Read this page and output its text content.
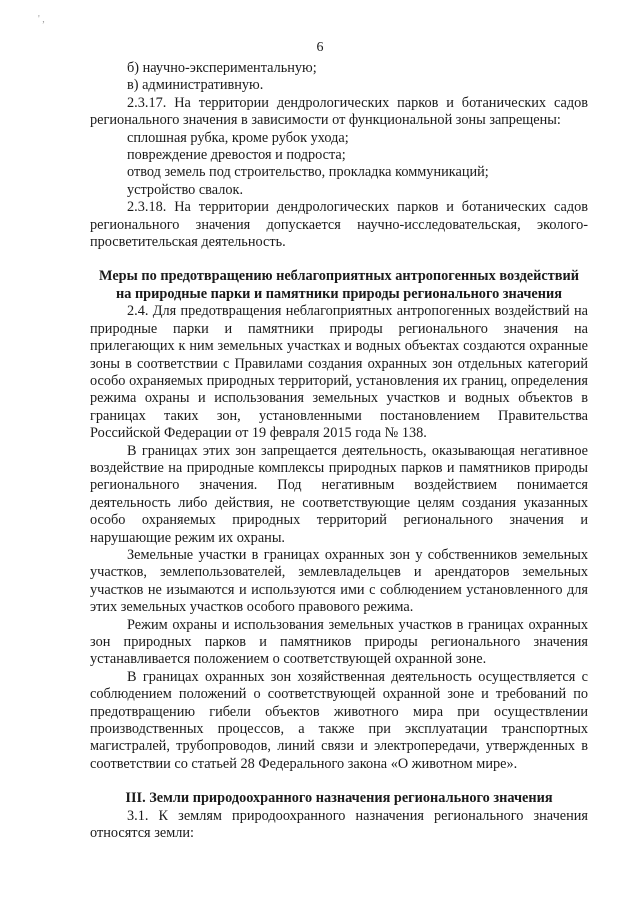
' ,
6

б) научно-экспериментальную;

в) административную.

2.3.17. На территории дендрологических парков и ботанических садов регионального значения в зависимости от функциональной зоны запрещены:

сплошная рубка, кроме рубок ухода;

повреждение древостоя и подроста;

отвод земель под строительство, прокладка коммуникаций;

устройство свалок.

2.3.18. На территории дендрологических парков и ботанических садов регионального значения допускается научно-исследовательская, эколого-просветительская деятельность.

Меры по предотвращению неблагоприятных антропогенных воздействий на природные парки и памятники природы регионального значения

2.4. Для предотвращения неблагоприятных антропогенных воздействий на природные парки и памятники природы регионального значения на прилегающих к ним земельных участках и водных объектах создаются охранные зоны в соответствии с Правилами создания охранных зон отдельных категорий особо охраняемых природных территорий, установления их границ, определения режима охраны и использования земельных участков и водных объектов в границах таких зон, установленными постановлением Правительства Российской Федерации от 19 февраля 2015 года № 138.

В границах этих зон запрещается деятельность, оказывающая негативное воздействие на природные комплексы природных парков и памятников природы регионального значения. Под негативным воздействием понимается деятельность либо действия, не соответствующие целям создания указанных особо охраняемых природных территорий регионального значения и нарушающие режим их охраны.

Земельные участки в границах охранных зон у собственников земельных участков, землепользователей, землевладельцев и арендаторов земельных участков не изымаются и используются ими с соблюдением установленного для этих земельных участков особого правового режима.

Режим охраны и использования земельных участков в границах охранных зон природных парков и памятников природы регионального значения устанавливается положением о соответствующей охранной зоне.

В границах охранных зон хозяйственная деятельность осуществляется с соблюдением положений о соответствующей охранной зоне и требований по предотвращению гибели объектов животного мира при осуществлении производственных процессов, а также при эксплуатации транспортных магистралей, трубопроводов, линий связи и электропередачи, утвержденных в соответствии со статьей 28 Федерального закона «О животном мире».

III. Земли природоохранного назначения регионального значения

3.1. К землям природоохранного назначения регионального значения относятся земли:
